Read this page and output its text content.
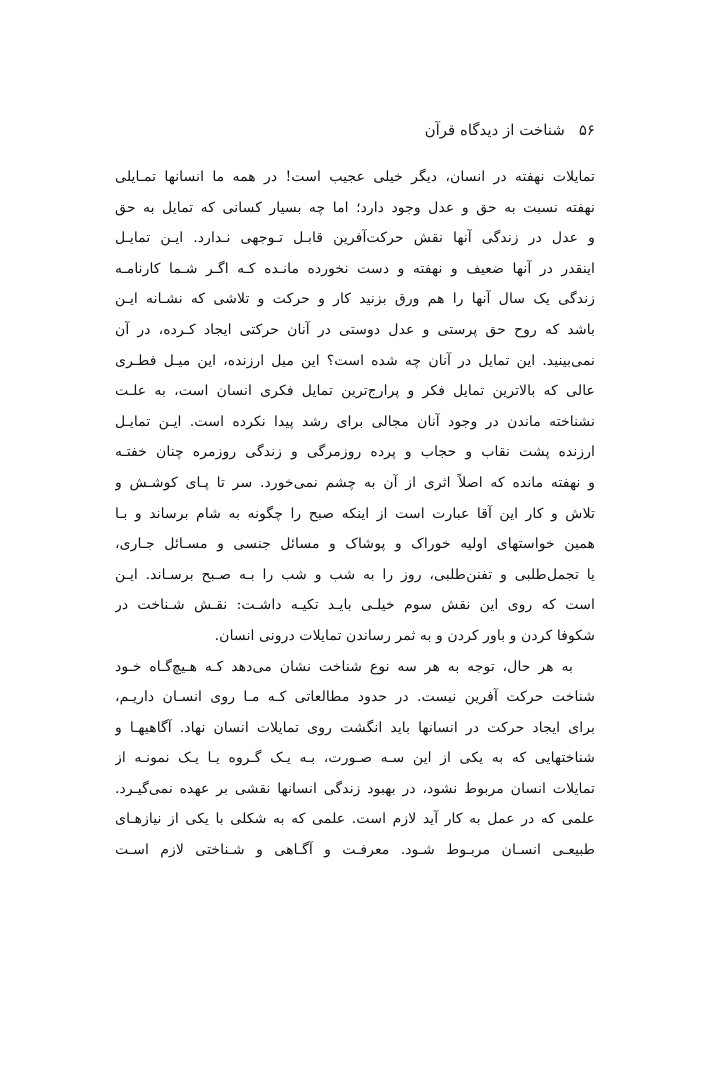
۵۶شناخت از دیدگاه قرآن
تمایلات نهفته در انسان، دیگر خیلی عجیب است! در همه ما انسانها تمـایلی
نهفته نسبت به حق و عدل وجود دارد؛ اما چه بسیار کسانی که تمایل به حق
و عدل در زندگی آنها نقش حرکت‌آفرین قابـل تـوجهی نـدارد. ایـن تمایـل
اینقدر در آنها ضعیف و نهفته و دست نخورده مانـده کـه اگـر شـما کارنامـه
زندگی یک سال آنها را هم ورق بزنید کار و حرکت و تلاشی که نشـانه ایـن
باشد که روح حق پرستی و عدل دوستی در آنان حرکتی ایجاد کـرده، در آن
نمی‌بینید. این تمایل در آنان چه شده است؟ این میل ارزنده، این میـل فطـری
عالی که بالاترین تمایل فکر و پرارج‌ترین تمایل فکری انسان است، به علـت
نشناخته ماندن در وجود آنان مجالی برای رشد پیدا نکرده است. ایـن تمایـل
ارزنده پشت نقاب و حجاب و پرده روزمرگی و زندگی روزمره چنان خفتـه
و نهفته مانده که اصلاً اثری از آن به چشم نمی‌خورد. سر تا پـای کوشـش و
تلاش و کار این آقا عبارت است از اینکه صبح را چگونه به شام برساند و بـا
همین خواستهای اولیه خوراک و پوشاک و مسائل جنسی و مسـائل جـاری،
یا تجمل‌طلبی و تفنن‌طلبی، روز را به شب و شب را بـه صـبح برسـاند. ایـن
است که روی این نقش سوم خیلـی بایـد تکیـه داشـت: نقـش شـناخت در
شکوفا کردن و باور کردن و به ثمر رساندن تمایلات درونی انسان.
به هر حال، توجه به هر سه نوع شناخت نشان می‌دهد کـه هـیچ‌گـاه خـود
شناخت حرکت آفرین نیست. در حدود مطالعاتی کـه مـا روی انسـان داریـم،
برای ایجاد حرکت در انسانها باید انگشت روی تمایلات انسان نهاد. آگاهیهـا و
شناختهایی که به یکی از این سـه صـورت، بـه یـک گـروه یـا یـک نمونـه از
تمایلات انسان مربوط نشود، در بهبود زندگی انسانها نقشی بر عهده نمی‌گیـرد.
علمی که در عمل به کار آید لازم است. علمی که به شکلی با یکی از نیازهـای
طبیعـی انسـان مربـوط شـود. معرفـت و آگـاهی و شـناختی لازم اسـت
